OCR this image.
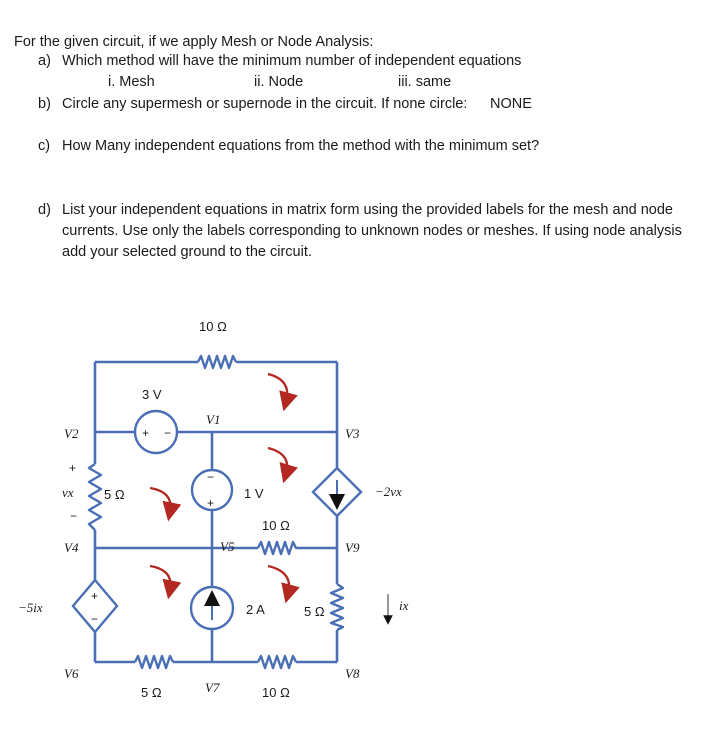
For the given circuit, if we apply Mesh or Node Analysis:
a) Which method will have the minimum number of independent equations
i. Mesh	ii. Node	iii. same
b) Circle any supermesh or supernode in the circuit. If none circle: NONE
c) How Many independent equations from the method with the minimum set?
d) List your independent equations in matrix form using the provided labels for the mesh and node
currents. Use only the labels corresponding to unknown nodes or meshes. If using node analysis
add your selected ground to the circuit.
10 Ω
3 V
5 Ω	1 V
10 Ω
2 A	5 Ω
5 Ω	10 Ω
V1
V2	V3
V4	V5	V9
V6
V7
V8
−2vx
−5ix
vx
ix
+
−
+ −
−
+
+
−
